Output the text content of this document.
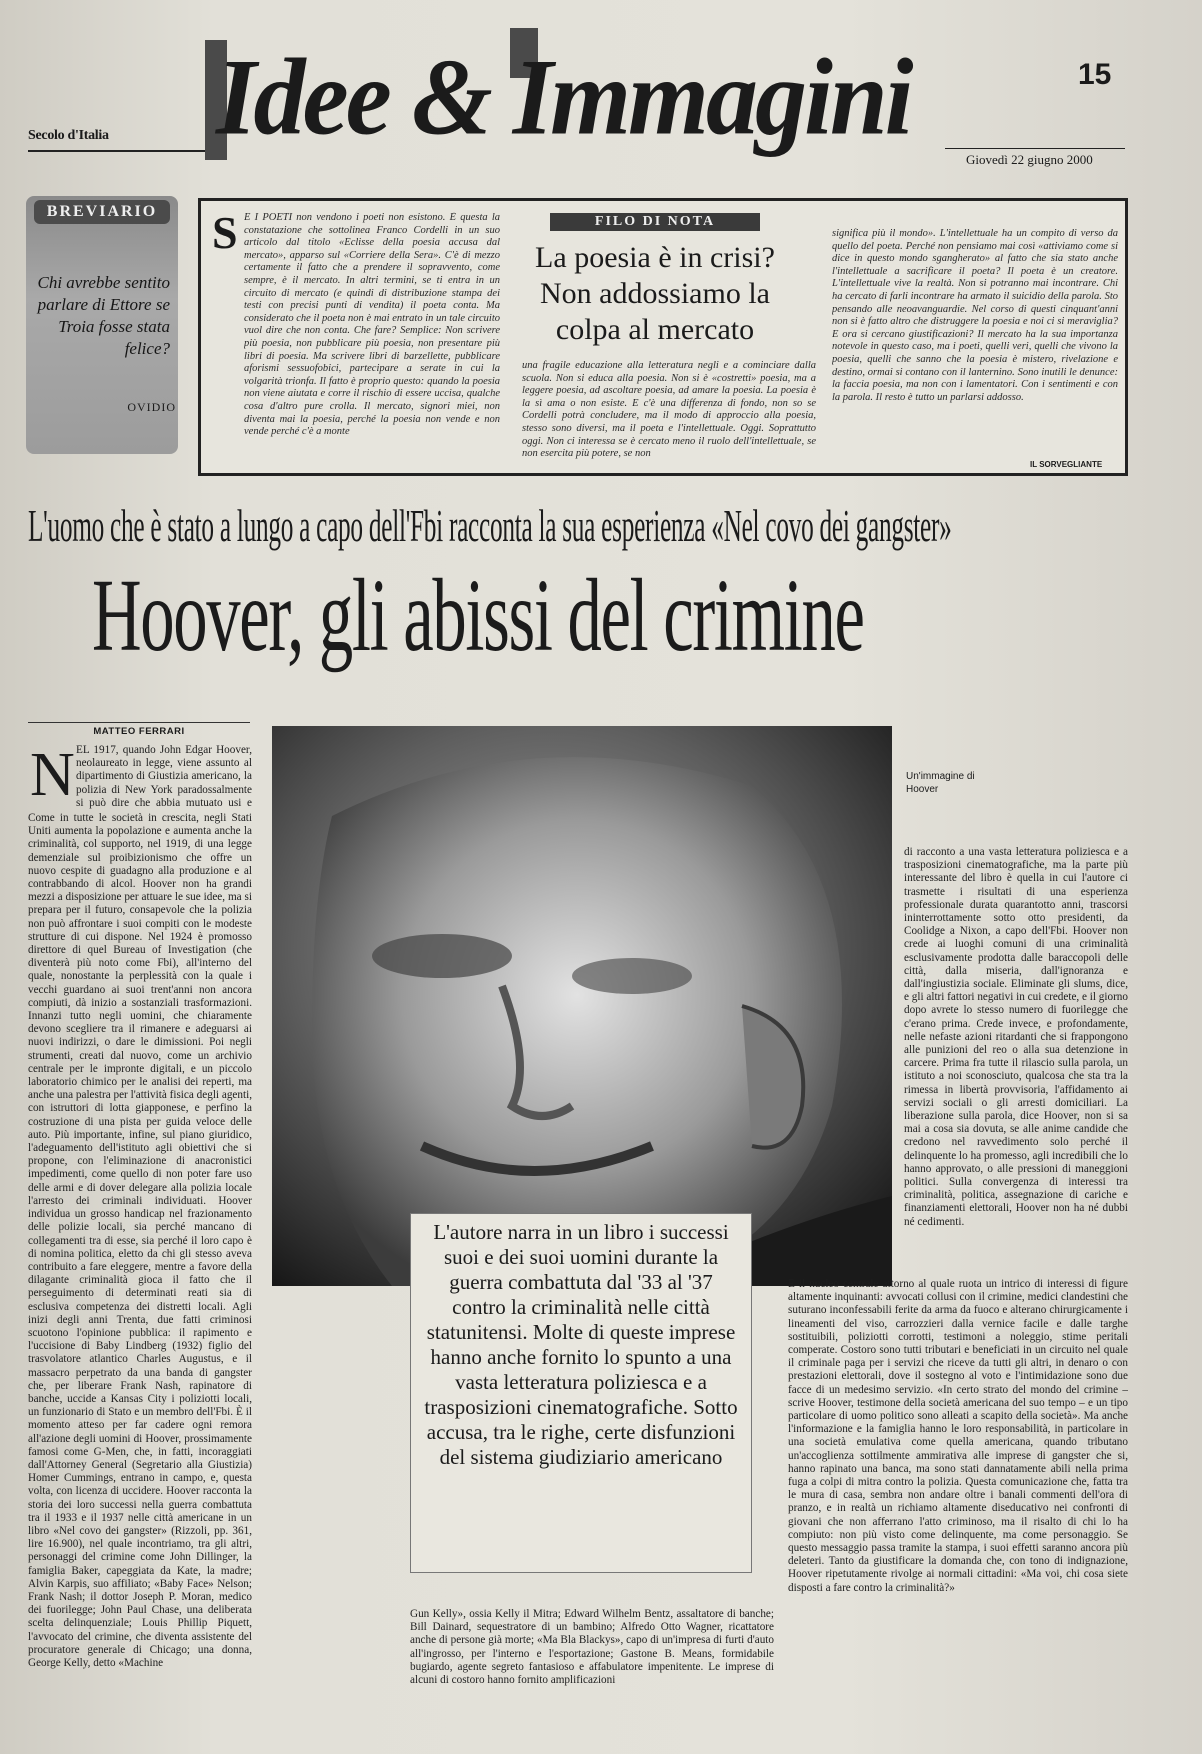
Secolo d'Italia Idee & Immagini	15
Giovedì 22 giugno 2000
BREVIARIO
Chi avrebbe sentito parlare di Ettore se Troia fosse stata felice?
OVIDIO
S E I POETI non vendono i poeti non esistono. È questa la constatazione che sottolinea Franco Cordelli in un suo articolo dal titolo «Eclisse della poesia accusa dal mercato», apparso sul «Corriere della Sera». C'è di mezzo certamente il fatto che a prendere il sopravvento, come sempre, è il mercato. In altri termini, se ti entra in un circuito di mercato (e quindi di distribuzione stampa dei testi con precisi punti di vendita) il poeta conta. Ma considerato che il poeta non è mai entrato in un tale circuito vuol dire che non conta. Che fare? Semplice: Non scrivere più poesia, non pubblicare più poesia, non presentare più libri di poesia. Ma scrivere libri di barzellette, pubblicare aforismi sessuofobici, partecipare a serate in cui la volgarità trionfa. Il fatto è proprio questo: quando la poesia non viene aiutata e corre il rischio di essere uccisa, qualche cosa d'altro pure crolla. Il mercato, signori miei, non diventa mai la poesia, perché la poesia non vende e non vende perché c'è a monte
FILO DI NOTA
La poesia è in crisi? Non addossiamo la colpa al mercato
una fragile educazione alla letteratura negli e a cominciare dalla scuola. Non si educa alla poesia. Non si è «costretti» poesia, ma a leggere poesia, ad ascoltare poesia, ad amare la poesia. La poesia è la sì ama o non esiste. E c'è una differenza di fondo, non so se Cordelli potrà concludere, ma il modo di approccio alla poesia, stesso sono diversi, ma il poeta e l'intellettuale. Oggi. Soprattutto oggi. Non ci interessa se è cercato meno il ruolo dell'intellettuale, se non esercita più potere, se non
significa più il mondo». L'intellettuale ha un compito di verso da quello del poeta. Perché non pensiamo mai così «attiviamo come si dice in questo mondo sgangherato» al fatto che sia stato anche l'intellettuale a sacrificare il poeta? Il poeta è un creatore. L'intellettuale vive la realtà. Non si potranno mai incontrare. Chi ha cercato di farli incontrare ha armato il suicidio della parola. Sto pensando alle neoavanguardie. Nel corso di questi cinquant'anni non si è fatto altro che distruggere la poesia e noi ci si meraviglia? E ora si cercano giustificazioni? Il mercato ha la sua importanza notevole in questo caso, ma i poeti, quelli veri, quelli che vivono la poesia, quelli che sanno che la poesia è mistero, rivelazione e destino, ormai si contano con il lanternino. Sono inutili le denunce: la faccia poesia, ma non con i lamentatori. Con i sentimenti e con la parola. Il resto è tutto un parlarsi addosso.
IL SORVEGLIANTE
L'uomo che è stato a lungo a capo dell'Fbi racconta la sua esperienza «Nel covo dei gangster»
Hoover, gli abissi del crimine
MATTEO FERRARI
N EL 1917, quando John Edgar Hoover, neolaureato in legge, viene assunto al dipartimento di Giustizia americano, la polizia di New York paradossalmente si può dire che abbia mutuato usi e
Come in tutte le società in crescita, negli Stati Uniti aumenta la popolazione e aumenta anche la criminalità, col supporto, nel 1919, di una legge demenziale sul proibizionismo che offre un nuovo cespite di guadagno alla produzione e al contrabbando di alcol. Hoover non ha grandi mezzi a disposizione per attuare le sue idee, ma si prepara per il futuro, consapevole che la polizia non può affrontare i suoi compiti con le modeste strutture di cui dispone. Nel 1924 è promosso direttore di quel Bureau of Investigation (che diventerà più noto come Fbi), all'interno del quale, nonostante la perplessità con la quale i vecchi guardano ai suoi trent'anni non ancora compiuti, dà inizio a sostanziali trasformazioni. Innanzi tutto negli uomini, che chiaramente devono scegliere tra il rimanere e adeguarsi ai nuovi indirizzi, o dare le dimissioni. Poi negli strumenti, creati dal nuovo, come un archivio centrale per le impronte digitali, e un piccolo laboratorio chimico per le analisi dei reperti, ma anche una palestra per l'attività fisica degli agenti, con istruttori di lotta giapponese, e perfino la costruzione di una pista per guida veloce delle auto. Più importante, infine, sul piano giuridico, l'adeguamento dell'istituto agli obiettivi che si propone, con l'eliminazione di anacronistici impedimenti, come quello di non poter fare uso delle armi e di dover delegare alla polizia locale l'arresto dei criminali individuati. Hoover individua un grosso handicap nel frazionamento delle polizie locali, sia perché mancano di collegamenti tra di esse, sia perché il loro capo è di nomina politica, eletto da chi gli stesso aveva contribuito a fare eleggere, mentre a favore della dilagante criminalità gioca il fatto che il perseguimento di determinati reati sia di esclusiva competenza dei distretti locali. Agli inizi degli anni Trenta, due fatti criminosi scuotono l'opinione pubblica: il rapimento e l'uccisione di Baby Lindberg (1932) figlio del trasvolatore atlantico Charles Augustus, e il massacro perpetrato da una banda di gangster che, per liberare Frank Nash, rapinatore di banche, uccide a Kansas City i poliziotti locali, un funzionario di Stato e un membro dell'Fbi. È il momento atteso per far cadere ogni remora all'azione degli uomini di Hoover, prossimamente famosi come G-Men, che, in fatti, incoraggiati dall'Attorney General (Segretario alla Giustizia) Homer Cummings, entrano in campo, e, questa volta, con licenza di uccidere. Hoover racconta la storia dei loro successi nella guerra combattuta tra il 1933 e il 1937 nelle città americane in un libro «Nel covo dei gangster» (Rizzoli, pp. 361, lire 16.900), nel quale incontriamo, tra gli altri, personaggi del crimine come John Dillinger, la famiglia Baker, capeggiata da Kate, la madre; Alvin Karpis, suo affiliato; «Baby Face» Nelson; Frank Nash; il dottor Joseph P. Moran, medico dei fuorilegge; John Paul Chase, una deliberata scelta delinquenziale; Louis Phillip Piquett, l'avvocato del crimine, che diventa assistente del procuratore generale di Chicago; una donna, George Kelly, detto «Machine
Un'immagine di Hoover
di racconto a una vasta letteratura poliziesca e a trasposizioni cinematografiche, ma la parte più interessante del libro è quella in cui l'autore ci trasmette i risultati di una esperienza professionale durata quarantotto anni, trascorsi ininterrottamente sotto otto presidenti, da Coolidge a Nixon, a capo dell'Fbi. Hoover non crede ai luoghi comuni di una criminalità esclusivamente prodotta dalle baraccopoli delle città, dalla miseria, dall'ignoranza e dall'ingiustizia sociale. Eliminate gli slums, dice, e gli altri fattori negativi in cui credete, e il giorno dopo avrete lo stesso numero di fuorilegge che c'erano prima. Crede invece, e profondamente, nelle nefaste azioni ritardanti che si frappongono alle punizioni del reo o alla sua detenzione in carcere. Prima fra tutte il rilascio sulla parola, un istituto a noi sconosciuto, qualcosa che sta tra la rimessa in libertà provvisoria, l'affidamento ai servizi sociali o gli arresti domiciliari. La liberazione sulla parola, dice Hoover, non si sa mai a cosa sia dovuta, se alle anime candide che credono nel ravvedimento solo perché il delinquente lo ha promesso, agli incredibili che lo hanno approvato, o alle pressioni di maneggioni politici. Sulla convergenza di interessi tra criminalità, politica, assegnazione di cariche e finanziamenti elettorali, Hoover non ha né dubbi né cedimenti.
È il nucleo centrale attorno al quale ruota un intrico di interessi di figure altamente inquinanti: avvocati collusi con il crimine, medici clandestini che suturano inconfessabili ferite da arma da fuoco e alterano chirurgicamente i lineamenti del viso, carrozzieri dalla vernice facile e dalle targhe sostituibili, poliziotti corrotti, testimoni a noleggio, stime peritali comperate. Costoro sono tutti tributari e beneficiati in un circuito nel quale il criminale paga per i servizi che riceve da tutti gli altri, in denaro o con prestazioni elettorali, dove il sostegno al voto e l'intimidazione sono due facce di un medesimo servizio. «In certo strato del mondo del crimine – scrive Hoover, testimone della società americana del suo tempo – e un tipo particolare di uomo politico sono alleati a scapito della società». Ma anche l'informazione e la famiglia hanno le loro responsabilità, in particolare in una società emulativa come quella americana, quando tributano un'accoglienza sottilmente ammirativa alle imprese di gangster che si, hanno rapinato una banca, ma sono stati dannatamente abili nella prima fuga a colpi di mitra contro la polizia. Questa comunicazione che, fatta tra le mura di casa, sembra non andare oltre i banali commenti dell'ora di pranzo, e in realtà un richiamo altamente diseducativo nei confronti di giovani che non afferrano l'atto criminoso, ma il risalto di chi lo ha compiuto: non più visto come delinquente, ma come personaggio. Se questo messaggio passa tramite la stampa, i suoi effetti saranno ancora più deleteri. Tanto da giustificare la domanda che, con tono di indignazione, Hoover ripetutamente rivolge ai normali cittadini: «Ma voi, chi cosa siete disposti a fare contro la criminalità?»
L'autore narra in un libro i successi suoi e dei suoi uomini durante la guerra combattuta dal '33 al '37 contro la criminalità nelle città statunitensi. Molte di queste imprese hanno anche fornito lo spunto a una vasta letteratura poliziesca e a trasposizioni cinematografiche. Sotto accusa, tra le righe, certe disfunzioni del sistema giudiziario americano
Gun Kelly», ossia Kelly il Mitra; Edward Wilhelm Bentz, assaltatore di banche; Bill Dainard, sequestratore di un bambino; Alfredo Otto Wagner, ricattatore anche di persone già morte; «Ma Bla Blackys», capo di un'impresa di furti d'auto all'ingrosso, per l'interno e l'esportazione; Gastone B. Means, formidabile bugiardo, agente segreto fantasioso e affabulatore impenitente. Le imprese di alcuni di costoro hanno fornito amplificazioni
